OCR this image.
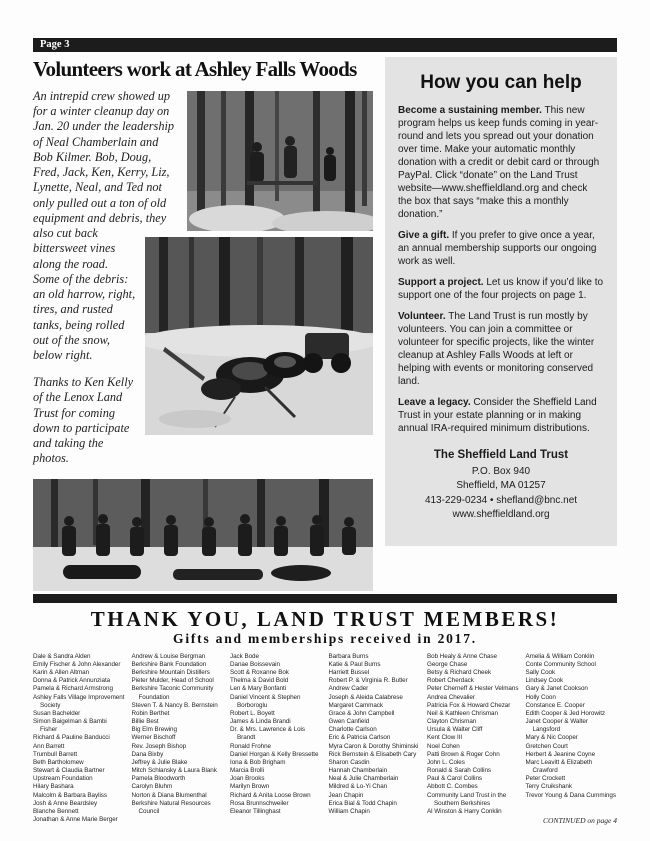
Page 3
Volunteers work at Ashley Falls Woods

An intrepid crew showed up for a winter cleanup day on Jan. 20 under the leadership of Neal Chamberlain and Bob Kilmer. Bob, Doug, Fred, Jack, Ken, Kerry, Liz, Lynette, Neal, and Ted not only pulled out a ton of old equipment and debris, they also cut back bittersweet vines along the road. Some of the debris: an old harrow, right, tires, and rusted tanks, being rolled out of the snow, below right.

Thanks to Ken Kelly of the Lenox Land Trust for coming down to participate and taking the photos.

How you can help

Become a sustaining member. This new program helps us keep funds coming in year-round and lets you spread out your donation over time. Make your automatic monthly donation with a credit or debit card or through PayPal. Click “donate” on the Land Trust website—www.sheffieldland.org and check the box that says “make this a monthly donation.”

Give a gift. If you prefer to give once a year, an annual membership supports our ongoing work as well.

Support a project. Let us know if you’d like to support one of the four projects on page 1.

Volunteer. The Land Trust is run mostly by volunteers. You can join a committee or volunteer for specific projects, like the winter cleanup at Ashley Falls Woods at left or helping with events or monitoring conserved land.

Leave a legacy. Consider the Sheffield Land Trust in your estate planning or in making annual IRA-required minimum distributions.

The Sheffield Land Trust
P.O. Box 940
Sheffield, MA 01257
413-229-0234 • shefland@bnc.net
www.sheffieldland.org
THANK YOU, LAND TRUST MEMBERS!
Gifts and memberships received in 2017.
Dale & Sandra Alden
Emily Fischer & John Alexander
Karin & Allen Altman
Donna & Patrick Annunziata
Pamela & Richard Armstrong
Ashley Falls Village Improvement Society
Susan Bachelder
Simon Baigelman & Bambi Fisher
Richard & Pauline Banducci
Ann Barrett
Trumbull Barrett
Beth Bartholomew
Stewart & Claudia Bartner
Upstream Foundation
Hilary Bashara
Malcolm & Barbara Bayliss
Josh & Anne Beardsley
Blanche Bennett
Jonathan & Anne Marie Berger
Andrew & Louise Bergman
Berkshire Bank Foundation
Berkshire Mountain Distillers
Pieter Mulder, Head of School
Berkshire Taconic Community Foundation
Steven T. & Nancy B. Bernstein
Robin Berthet
Billie Best
Big Elm Brewing
Werner Bischoff
Rev. Joseph Bishop
Dana Bixby
Jeffrey & Julie Blake
Mitch Schlansky & Laura Blank
Pamela Bloodworth
Carolyn Bluhm
Norton & Diana Blumenthal
Berkshire Natural Resources Council
Jack Bode
Danae Boissevain
Scott & Roxanne Bok
Thelma & David Bold
Len & Mary Bonfanti
Daniel Vincent & Stephen Borboroglu
Robert L. Boyett
James & Linda Brandi
Dr. & Mrs. Lawrence & Lois Brandt
Ronald Frohne
Daniel Horgan & Kelly Bressette
Iona & Bob Brigham
Marcia Brolli
Joan Brooks
Marilyn Brown
Richard & Anita Loose Brown
Rosa Brunnschweiler
Eleanor Tillinghast
Barbara Burns
Katie & Paul Burns
Harriett Bussel
Robert P. & Virginia R. Butler
Andrew Cader
Joseph & Aleida Calabrese
Margaret Cammack
Grace & John Campbell
Gwen Canfield
Charlotte Carlson
Eric & Patricia Carlson
Myra Caron & Dorothy Shiminski
Rick Bernstein & Elisabeth Cary
Sharon Casdin
Hannah Chamberlain
Neal & Julie Chamberlain
Mildred & Lo-Yi Chan
Jean Chapin
Erica Bial & Todd Chapin
William Chapin
Bob Healy & Anne Chase
George Chase
Betsy & Richard Cheek
Robert Cherdack
Peter Cherneff & Hester Velmans
Andrea Chevalier
Patricia Fox & Howard Chezar
Neil & Kathleen Chrisman
Clayton Chrisman
Ursula & Walter Cliff
Kent Clow III
Noel Cohen
Patti Brown & Roger Cohn
John L. Coles
Ronald & Sarah Collins
Paul & Carol Collins
Abbott C. Combes
Community Land Trust in the Southern Berkshires
Al Winston & Harry Conklin
Amelia & William Conklin
Conte Community School
Sally Cook
Lindsey Cook
Gary & Janet Cookson
Holly Coon
Constance E. Cooper
Edith Cooper & Jed Horowitz
Janet Cooper & Walter Langsford
Mary & Nic Cooper
Gretchen Court
Herbert & Jeanine Coyne
Marc Leavitt & Elizabeth Crawford
Peter Crockett
Terry Cruikshank
Trevor Young & Dana Cummings
CONTINUED on page 4
